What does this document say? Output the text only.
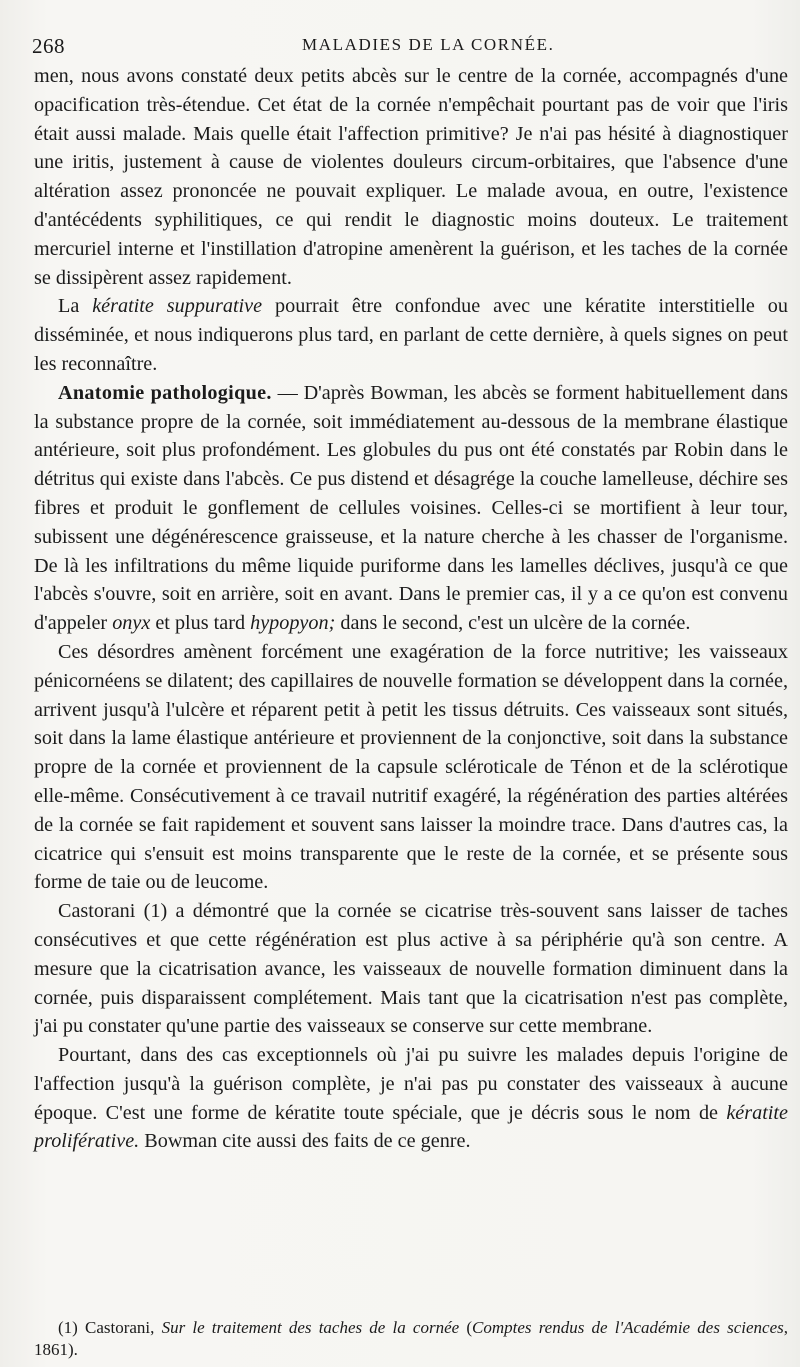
268	MALADIES DE LA CORNÉE.

men, nous avons constaté deux petits abcès sur le centre de la cornée, accompagnés d'une opacification très-étendue. Cet état de la cornée n'empêchait pourtant pas de voir que l'iris était aussi malade. Mais quelle était l'affection primitive? Je n'ai pas hésité à diagnostiquer une iritis, justement à cause de violentes douleurs circum-orbitaires, que l'absence d'une altération assez prononcée ne pouvait expliquer. Le malade avoua, en outre, l'existence d'antécédents syphilitiques, ce qui rendit le diagnostic moins douteux. Le traitement mercuriel interne et l'instillation d'atropine amenèrent la guérison, et les taches de la cornée se dissipèrent assez rapidement.

La kératite suppurative pourrait être confondue avec une kératite interstitielle ou disséminée, et nous indiquerons plus tard, en parlant de cette dernière, à quels signes on peut les reconnaître.

Anatomie pathologique. — D'après Bowman, les abcès se forment habituellement dans la substance propre de la cornée, soit immédiatement au-dessous de la membrane élastique antérieure, soit plus profondément. Les globules du pus ont été constatés par Robin dans le détritus qui existe dans l'abcès. Ce pus distend et désagrége la couche lamelleuse, déchire ses fibres et produit le gonflement de cellules voisines. Celles-ci se mortifient à leur tour, subissent une dégénérescence graisseuse, et la nature cherche à les chasser de l'organisme. De là les infiltrations du même liquide puriforme dans les lamelles déclives, jusqu'à ce que l'abcès s'ouvre, soit en arrière, soit en avant. Dans le premier cas, il y a ce qu'on est convenu d'appeler onyx et plus tard hypopyon; dans le second, c'est un ulcère de la cornée.

Ces désordres amènent forcément une exagération de la force nutritive; les vaisseaux pénicornéens se dilatent; des capillaires de nouvelle formation se développent dans la cornée, arrivent jusqu'à l'ulcère et réparent petit à petit les tissus détruits. Ces vaisseaux sont situés, soit dans la lame élastique antérieure et proviennent de la conjonctive, soit dans la substance propre de la cornée et proviennent de la capsule scléroticale de Ténon et de la sclérotique elle-même. Consécutivement à ce travail nutritif exagéré, la régénération des parties altérées de la cornée se fait rapidement et souvent sans laisser la moindre trace. Dans d'autres cas, la cicatrice qui s'ensuit est moins transparente que le reste de la cornée, et se présente sous forme de taie ou de leucome.

Castorani (1) a démontré que la cornée se cicatrise très-souvent sans laisser de taches consécutives et que cette régénération est plus active à sa périphérie qu'à son centre. A mesure que la cicatrisation avance, les vaisseaux de nouvelle formation diminuent dans la cornée, puis disparaissent complétement. Mais tant que la cicatrisation n'est pas complète, j'ai pu constater qu'une partie des vaisseaux se conserve sur cette membrane.

Pourtant, dans des cas exceptionnels où j'ai pu suivre les malades depuis l'origine de l'affection jusqu'à la guérison complète, je n'ai pas pu constater des vaisseaux à aucune époque. C'est une forme de kératite toute spéciale, que je décris sous le nom de kératite proliférative. Bowman cite aussi des faits de ce genre.

(1) Castorani, Sur le traitement des taches de la cornée (Comptes rendus de l'Académie des sciences, 1861).
